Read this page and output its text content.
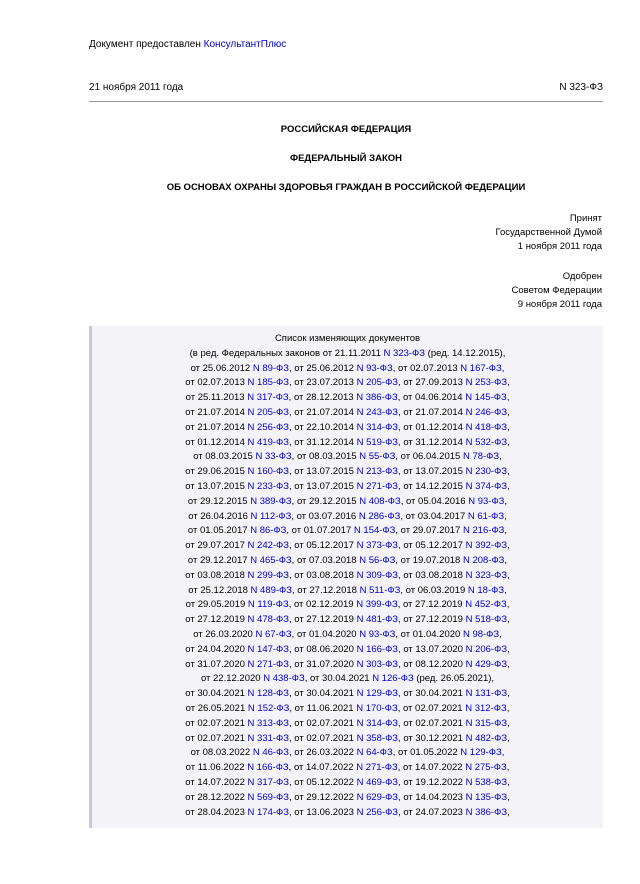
Документ предоставлен КонсультантПлюс
21 ноября 2011 года	N 323-ФЗ
РОССИЙСКАЯ ФЕДЕРАЦИЯ
ФЕДЕРАЛЬНЫЙ ЗАКОН
ОБ ОСНОВАХ ОХРАНЫ ЗДОРОВЬЯ ГРАЖДАН В РОССИЙСКОЙ ФЕДЕРАЦИИ
Принят
Государственной Думой
1 ноября 2011 года
Одобрен
Советом Федерации
9 ноября 2011 года
Список изменяющих документов
(в ред. Федеральных законов от 21.11.2011 N 323-ФЗ (ред. 14.12.2015),
от 25.06.2012 N 89-ФЗ, от 25.06.2012 N 93-ФЗ, от 02.07.2013 N 167-ФЗ,
от 02.07.2013 N 185-ФЗ, от 23.07.2013 N 205-ФЗ, от 27.09.2013 N 253-ФЗ,
от 25.11.2013 N 317-ФЗ, от 28.12.2013 N 386-ФЗ, от 04.06.2014 N 145-ФЗ,
от 21.07.2014 N 205-ФЗ, от 21.07.2014 N 243-ФЗ, от 21.07.2014 N 246-ФЗ,
от 21.07.2014 N 256-ФЗ, от 22.10.2014 N 314-ФЗ, от 01.12.2014 N 418-ФЗ,
от 01.12.2014 N 419-ФЗ, от 31.12.2014 N 519-ФЗ, от 31.12.2014 N 532-ФЗ,
от 08.03.2015 N 33-ФЗ, от 08.03.2015 N 55-ФЗ, от 06.04.2015 N 78-ФЗ,
от 29.06.2015 N 160-ФЗ, от 13.07.2015 N 213-ФЗ, от 13.07.2015 N 230-ФЗ,
от 13.07.2015 N 233-ФЗ, от 13.07.2015 N 271-ФЗ, от 14.12.2015 N 374-ФЗ,
от 29.12.2015 N 389-ФЗ, от 29.12.2015 N 408-ФЗ, от 05.04.2016 N 93-ФЗ,
от 26.04.2016 N 112-ФЗ, от 03.07.2016 N 286-ФЗ, от 03.04.2017 N 61-ФЗ,
от 01.05.2017 N 86-ФЗ, от 01.07.2017 N 154-ФЗ, от 29.07.2017 N 216-ФЗ,
от 29.07.2017 N 242-ФЗ, от 05.12.2017 N 373-ФЗ, от 05.12.2017 N 392-ФЗ,
от 29.12.2017 N 465-ФЗ, от 07.03.2018 N 56-ФЗ, от 19.07.2018 N 208-ФЗ,
от 03.08.2018 N 299-ФЗ, от 03.08.2018 N 309-ФЗ, от 03.08.2018 N 323-ФЗ,
от 25.12.2018 N 489-ФЗ, от 27.12.2018 N 511-ФЗ, от 06.03.2019 N 18-ФЗ,
от 29.05.2019 N 119-ФЗ, от 02.12.2019 N 399-ФЗ, от 27.12.2019 N 452-ФЗ,
от 27.12.2019 N 478-ФЗ, от 27.12.2019 N 481-ФЗ, от 27.12.2019 N 518-ФЗ,
от 26.03.2020 N 67-ФЗ, от 01.04.2020 N 93-ФЗ, от 01.04.2020 N 98-ФЗ,
от 24.04.2020 N 147-ФЗ, от 08.06.2020 N 166-ФЗ, от 13.07.2020 N 206-ФЗ,
от 31.07.2020 N 271-ФЗ, от 31.07.2020 N 303-ФЗ, от 08.12.2020 N 429-ФЗ,
от 22.12.2020 N 438-ФЗ, от 30.04.2021 N 126-ФЗ (ред. 26.05.2021),
от 30.04.2021 N 128-ФЗ, от 30.04.2021 N 129-ФЗ, от 30.04.2021 N 131-ФЗ,
от 26.05.2021 N 152-ФЗ, от 11.06.2021 N 170-ФЗ, от 02.07.2021 N 312-ФЗ,
от 02.07.2021 N 313-ФЗ, от 02.07.2021 N 314-ФЗ, от 02.07.2021 N 315-ФЗ,
от 02.07.2021 N 331-ФЗ, от 02.07.2021 N 358-ФЗ, от 30.12.2021 N 482-ФЗ,
от 08.03.2022 N 46-ФЗ, от 26.03.2022 N 64-ФЗ, от 01.05.2022 N 129-ФЗ,
от 11.06.2022 N 166-ФЗ, от 14.07.2022 N 271-ФЗ, от 14.07.2022 N 275-ФЗ,
от 14.07.2022 N 317-ФЗ, от 05.12.2022 N 469-ФЗ, от 19.12.2022 N 538-ФЗ,
от 28.12.2022 N 569-ФЗ, от 29.12.2022 N 629-ФЗ, от 14.04.2023 N 135-ФЗ,
от 28.04.2023 N 174-ФЗ, от 13.06.2023 N 256-ФЗ, от 24.07.2023 N 386-ФЗ,
